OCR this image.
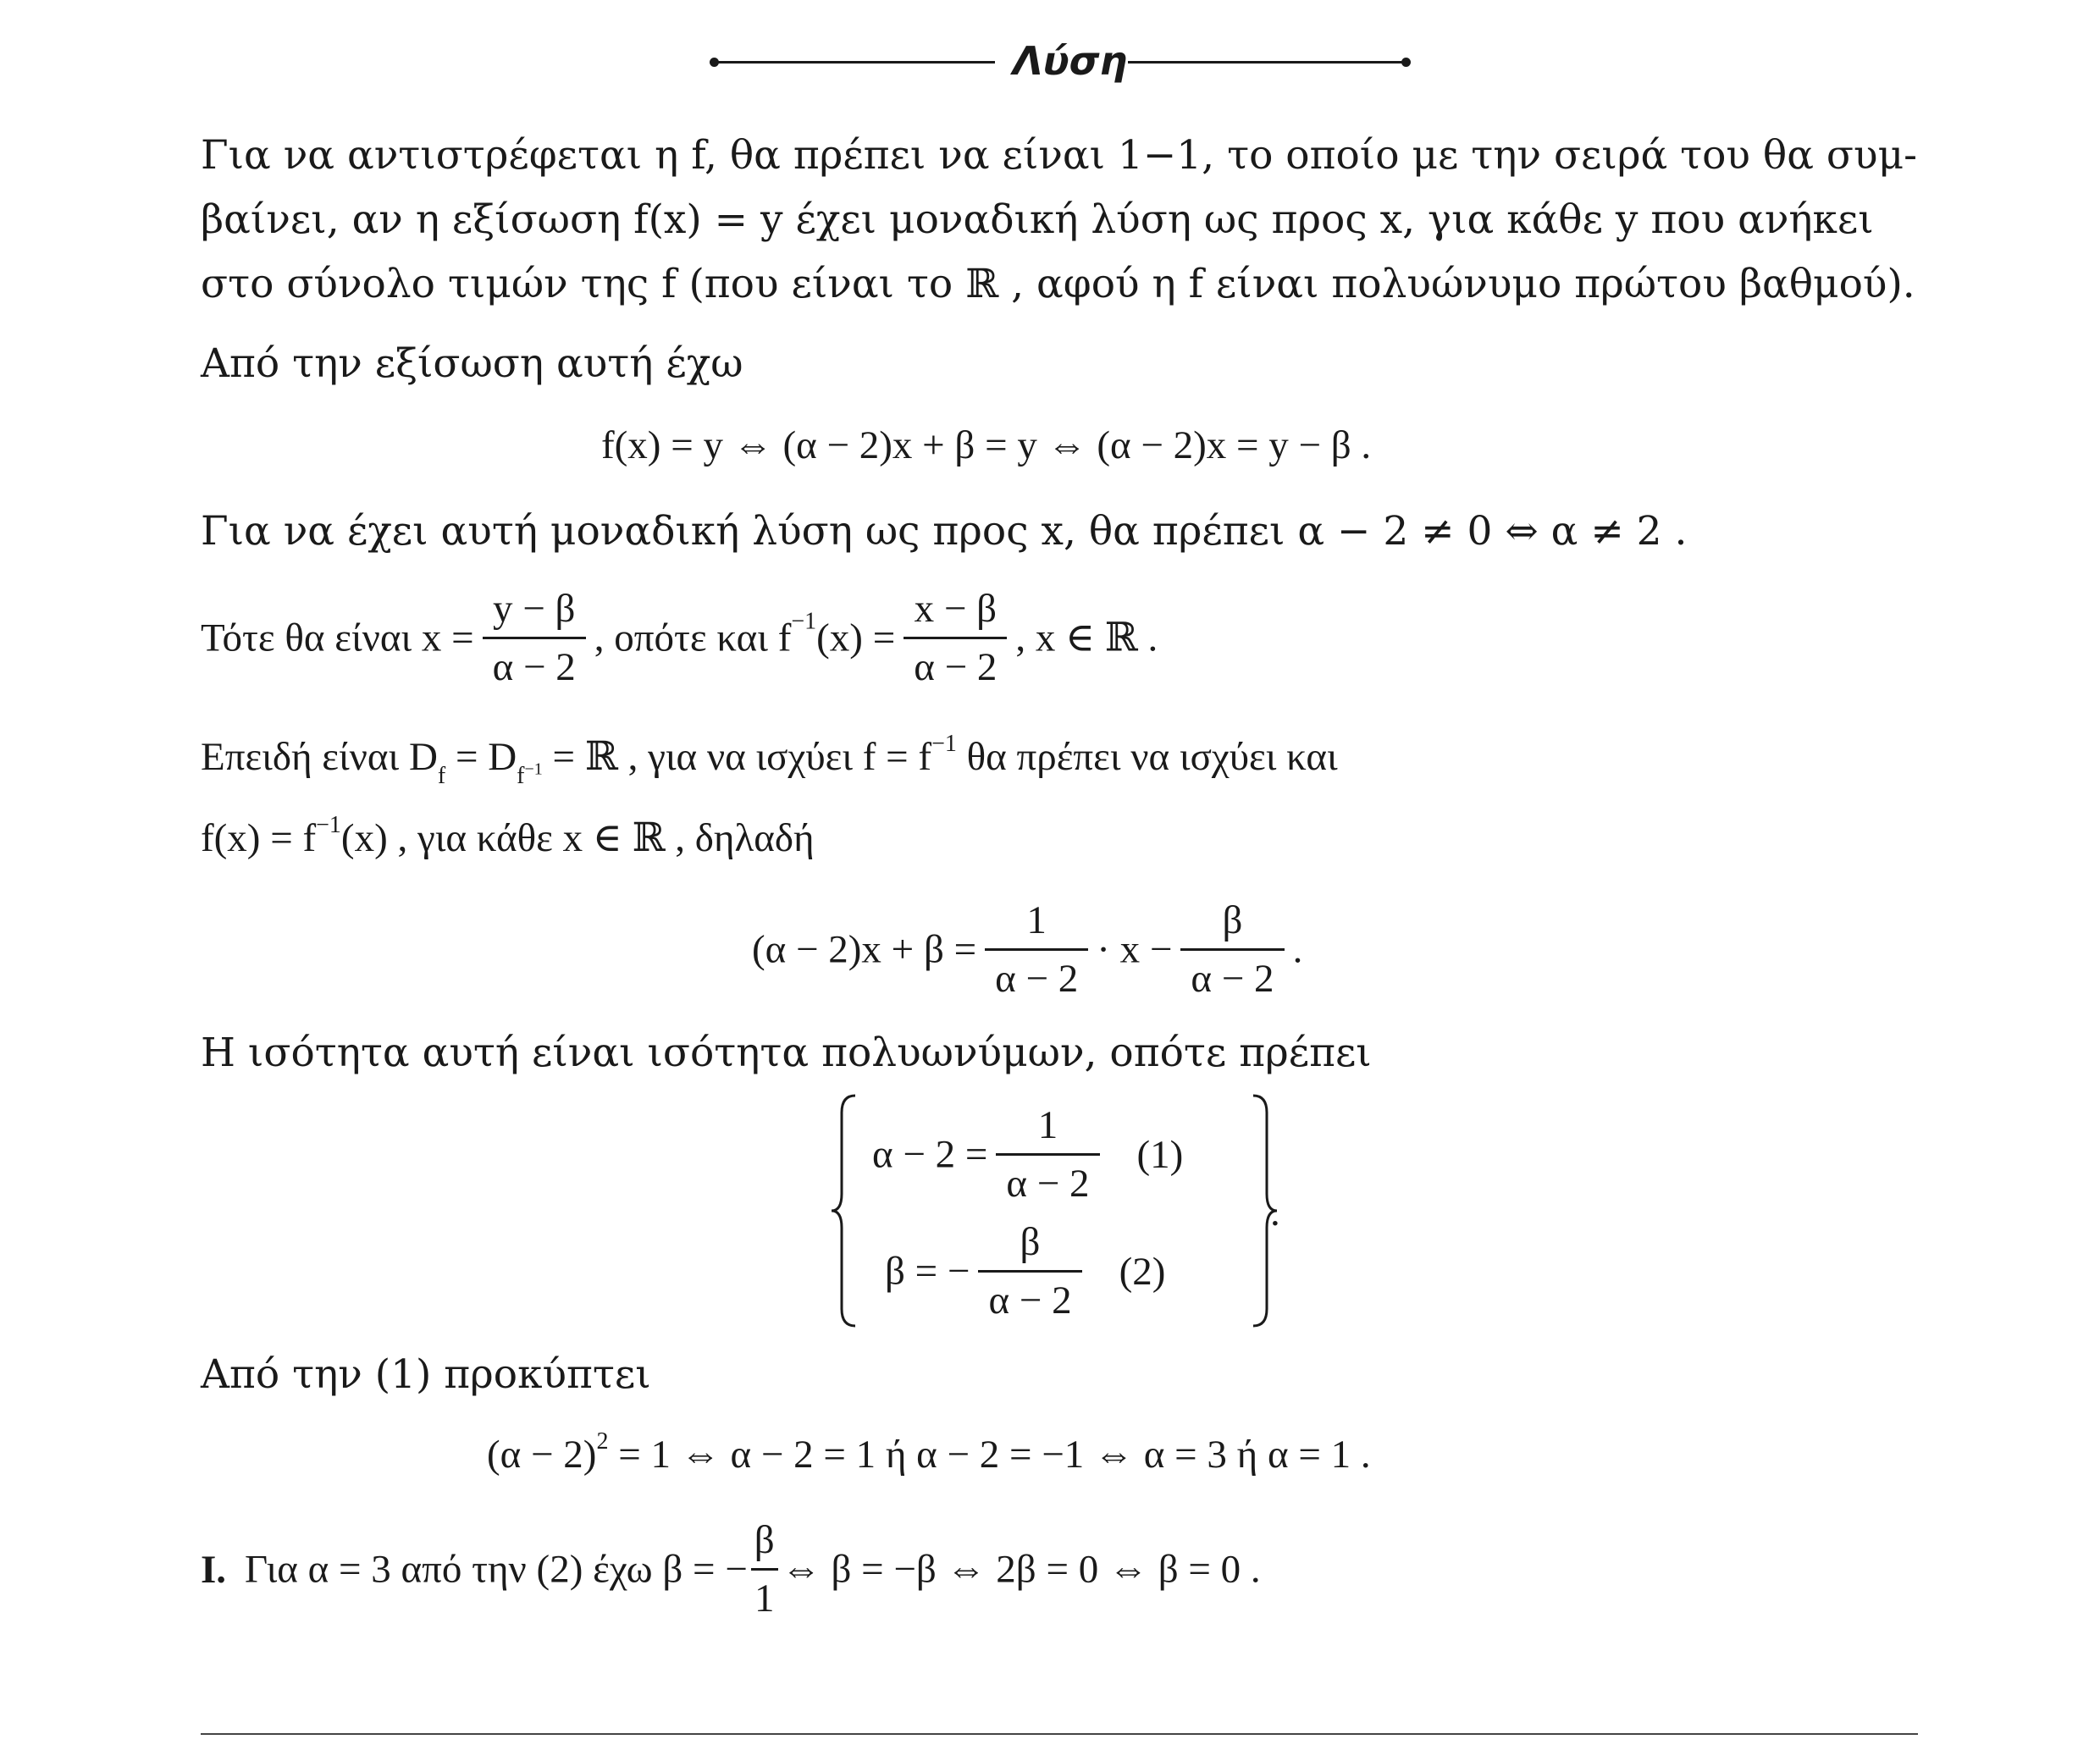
Λύση
Για να αντιστρέφεται η f, θα πρέπει να είναι 1−1, το οποίο με την σειρά του θα συμ-
βαίνει, αν η εξίσωση f(x) = y έχει μοναδική λύση ως προς x, για κάθε y που ανήκει
στο σύνολο τιμών της f (που είναι το ℝ , αφού η f είναι πολυώνυμο πρώτου βαθμού).
Από την εξίσωση αυτή έχω
f(x) = y ⇔ (α − 2)x + β = y ⇔ (α − 2)x = y − β .
Για να έχει αυτή μοναδική λύση ως προς x, θα πρέπει α − 2 ≠ 0 ⇔ α ≠ 2 .
Τότε θα είναι $x = \frac{y - \beta}{\alpha - 2}$ , οπότε και $f^{-1}(x) = \frac{x - \beta}{\alpha - 2}$ , x ∈ ℝ .
Επειδή είναι $D_f = D_{f^{-1}}$ = ℝ , για να ισχύει $f = f^{-1}$ θα πρέπει να ισχύει και
$f(x) = f^{-1}(x)$ , για κάθε x ∈ ℝ , δηλαδή
$(\alpha - 2)x + \beta = \frac{1}{\alpha - 2} \cdot x - \frac{\beta}{\alpha - 2}$ .
Η ισότητα αυτή είναι ισότητα πολυωνύμων, οπότε πρέπει
$\alpha - 2 = \frac{1}{\alpha - 2} (1)$
β = − $\frac{\beta}{\alpha - 2} (2)$
.
Από την (1) προκύπτει
$(\alpha - 2)^2 = 1$ ⇔ α − 2 = 1 ή α − 2 = −1 ⇔ α = 3 ή α = 1 .
I. Για α = 3 από την (2) έχω β = − $\frac{\beta}{1}$ ⇔ β = −β ⇔ 2β = 0 ⇔ β = 0 .
